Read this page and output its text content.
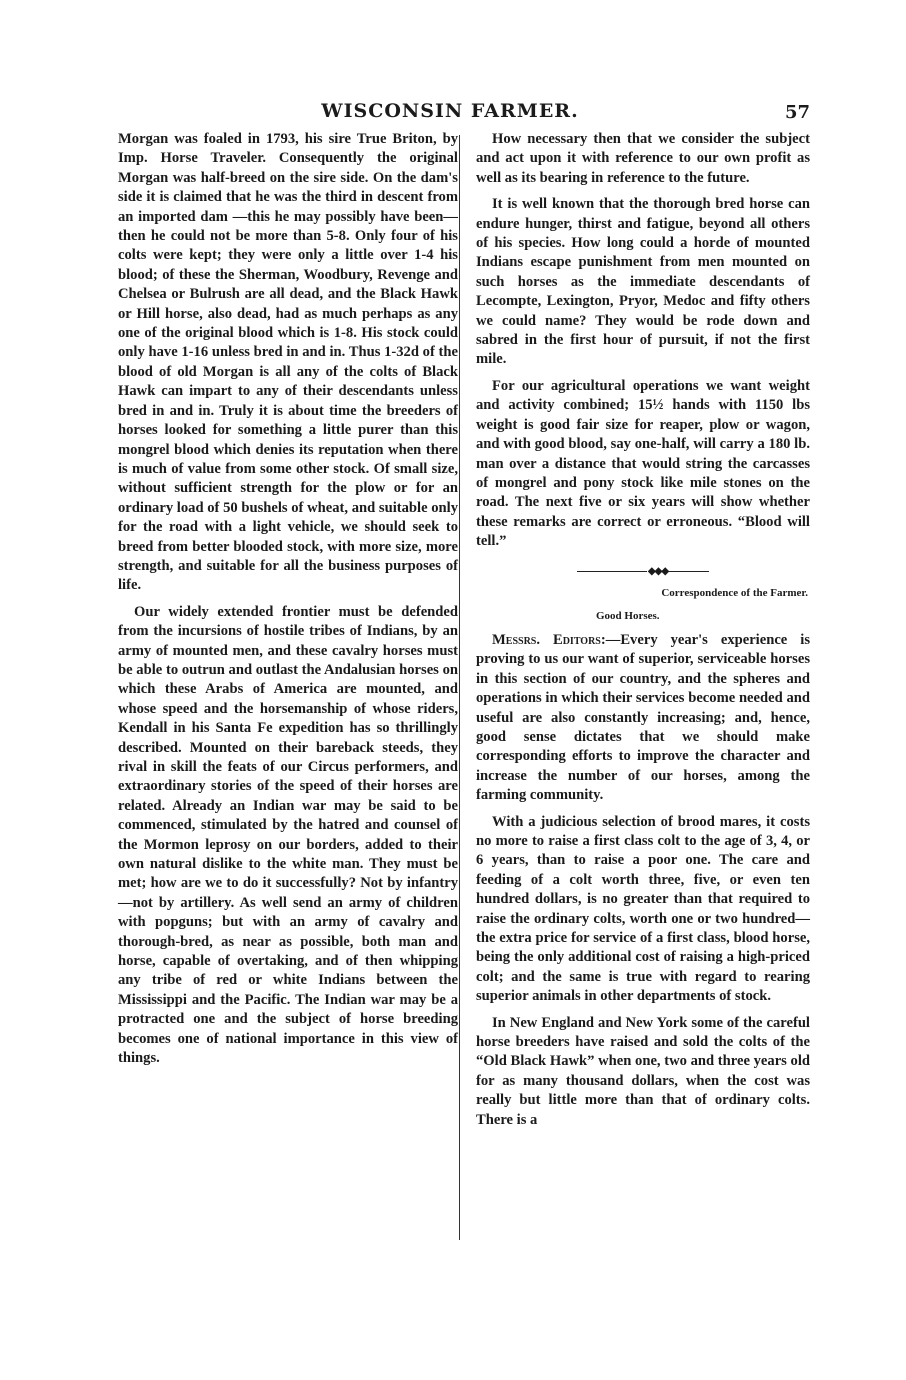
WISCONSIN FARMER.	57

Morgan was foaled in 1793, his sire True Briton, by Imp. Horse Traveler. Consequently the original Morgan was half-breed on the sire side. On the dam's side it is claimed that he was the third in descent from an imported dam —this he may possibly have been—then he could not be more than 5-8. Only four of his colts were kept; they were only a little over 1-4 his blood; of these the Sherman, Woodbury, Revenge and Chelsea or Bulrush are all dead, and the Black Hawk or Hill horse, also dead, had as much perhaps as any one of the original blood which is 1-8. His stock could only have 1-16 unless bred in and in. Thus 1-32d of the blood of old Morgan is all any of the colts of Black Hawk can impart to any of their descendants unless bred in and in. Truly it is about time the breeders of horses looked for something a little purer than this mongrel blood which denies its reputation when there is much of value from some other stock. Of small size, without sufficient strength for the plow or for an ordinary load of 50 bushels of wheat, and suitable only for the road with a light vehicle, we should seek to breed from better blooded stock, with more size, more strength, and suitable for all the business purposes of life.

Our widely extended frontier must be defended from the incursions of hostile tribes of Indians, by an army of mounted men, and these cavalry horses must be able to outrun and outlast the Andalusian horses on which these Arabs of America are mounted, and whose speed and the horsemanship of whose riders, Kendall in his Santa Fe expedition has so thrillingly described. Mounted on their bareback steeds, they rival in skill the feats of our Circus performers, and extraordinary stories of the speed of their horses are related. Already an Indian war may be said to be commenced, stimulated by the hatred and counsel of the Mormon leprosy on our borders, added to their own natural dislike to the white man. They must be met; how are we to do it successfully? Not by infantry—not by artillery. As well send an army of children with popguns; but with an army of cavalry and thorough-bred, as near as possible, both man and horse, capable of overtaking, and of then whipping any tribe of red or white Indians between the Mississippi and the Pacific. The Indian war may be a protracted one and the subject of horse breeding becomes one of national importance in this view of things.

How necessary then that we consider the subject and act upon it with reference to our own profit as well as its bearing in reference to the future.

It is well known that the thorough bred horse can endure hunger, thirst and fatigue, beyond all others of his species. How long could a horde of mounted Indians escape punishment from men mounted on such horses as the immediate descendants of Lecompte, Lexington, Pryor, Medoc and fifty others we could name? They would be rode down and sabred in the first hour of pursuit, if not the first mile.

For our agricultural operations we want weight and activity combined; 15½ hands with 1150 lbs weight is good fair size for reaper, plow or wagon, and with good blood, say one-half, will carry a 180 lb. man over a distance that would string the carcasses of mongrel and pony stock like mile stones on the road. The next five or six years will show whether these remarks are correct or erroneous. “Blood will tell.”

◆◆◆

Correspondence of the Farmer.

Good Horses.

Messrs. Editors:—Every year's experience is proving to us our want of superior, serviceable horses in this section of our country, and the spheres and operations in which their services become needed and useful are also constantly increasing; and, hence, good sense dictates that we should make corresponding efforts to improve the character and increase the number of our horses, among the farming community.

With a judicious selection of brood mares, it costs no more to raise a first class colt to the age of 3, 4, or 6 years, than to raise a poor one. The care and feeding of a colt worth three, five, or even ten hundred dollars, is no greater than that required to raise the ordinary colts, worth one or two hundred—the extra price for service of a first class, blood horse, being the only additional cost of raising a high-priced colt; and the same is true with regard to rearing superior animals in other departments of stock.

In New England and New York some of the careful horse breeders have raised and sold the colts of the “Old Black Hawk” when one, two and three years old for as many thousand dollars, when the cost was really but little more than that of ordinary colts. There is a
